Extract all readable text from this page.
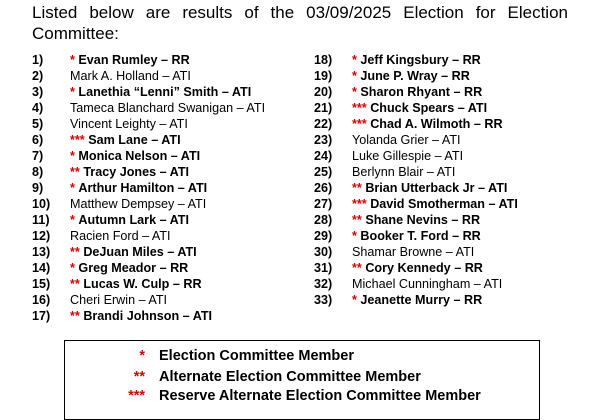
Listed below are results of the 03/09/2025 Election for Election Committee:
1) * Evan Rumley – RR
2) Mark A. Holland – ATI
3) * Lanethia “Lenni” Smith – ATI
4) Tameca Blanchard Swanigan – ATI
5) Vincent Leighty – ATI
6) *** Sam Lane – ATI
7) * Monica Nelson – ATI
8) ** Tracy Jones – ATI
9) * Arthur Hamilton – ATI
10) Matthew Dempsey – ATI
11) * Autumn Lark – ATI
12) Racien Ford – ATI
13) ** DeJuan Miles – ATI
14) * Greg Meador – RR
15) ** Lucas W. Culp – RR
16) Cheri Erwin – ATI
17) ** Brandi Johnson – ATI
18) * Jeff Kingsbury – RR
19) * June P. Wray – RR
20) * Sharon Rhyant – RR
21) *** Chuck Spears – ATI
22) *** Chad A. Wilmoth – RR
23) Yolanda Grier – ATI
24) Luke Gillespie – ATI
25) Berlynn Blair – ATI
26) ** Brian Utterback Jr – ATI
27) *** David Smotherman – ATI
28) ** Shane Nevins – RR
29) * Booker T. Ford – RR
30) Shamar Browne – ATI
31) ** Cory Kennedy – RR
32) Michael Cunningham – ATI
33) * Jeanette Murry – RR
* Election Committee Member
** Alternate Election Committee Member
*** Reserve Alternate Election Committee Member
